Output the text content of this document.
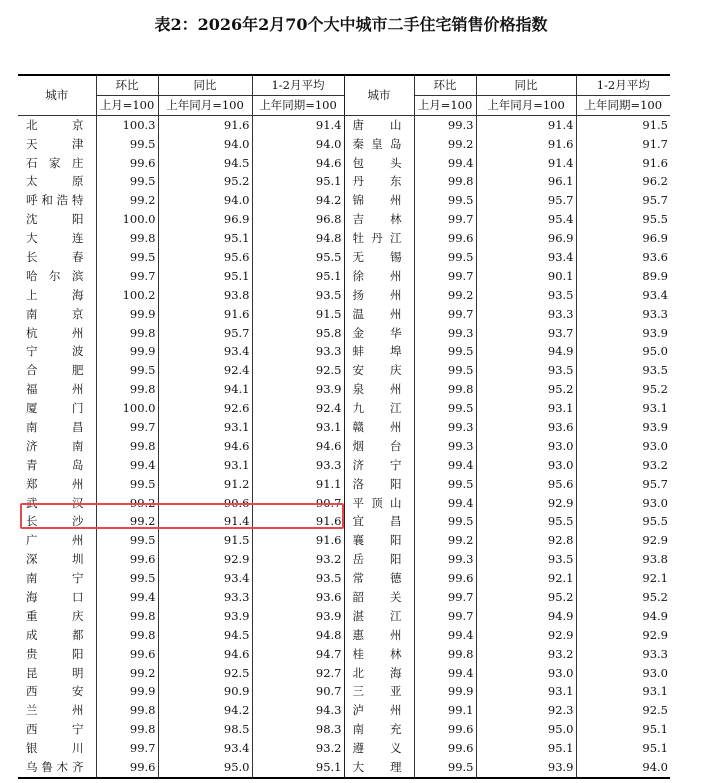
表2：2026年2月70个大中城市二手住宅销售价格指数
城市	环比	同比	1-2月平均	城市	环比	同比	1-2月平均
	上月=100	上年同月=100	上年同期=100		上月=100	上年同月=100	上年同期=100
北京	100.3	91.6	91.4	唐山	99.3	91.4	91.5
天津	99.5	94.0	94.0	秦皇岛	99.2	91.6	91.7
石家庄	99.6	94.5	94.6	包头	99.4	91.4	91.6
太原	99.5	95.2	95.1	丹东	99.8	96.1	96.2
呼和浩特	99.2	94.0	94.2	锦州	99.5	95.7	95.7
沈阳	100.0	96.9	96.8	吉林	99.7	95.4	95.5
大连	99.8	95.1	94.8	牡丹江	99.6	96.9	96.9
长春	99.5	95.6	95.5	无锡	99.5	93.4	93.6
哈尔滨	99.7	95.1	95.1	徐州	99.7	90.1	89.9
上海	100.2	93.8	93.5	扬州	99.2	93.5	93.4
南京	99.9	91.6	91.5	温州	99.7	93.3	93.3
杭州	99.8	95.7	95.8	金华	99.3	93.7	93.9
宁波	99.9	93.4	93.3	蚌埠	99.5	94.9	95.0
合肥	99.5	92.4	92.5	安庆	99.5	93.5	93.5
福州	99.8	94.1	93.9	泉州	99.8	95.2	95.2
厦门	100.0	92.6	92.4	九江	99.5	93.1	93.1
南昌	99.7	93.1	93.1	赣州	99.3	93.6	93.9
济南	99.8	94.6	94.6	烟台	99.3	93.0	93.0
青岛	99.4	93.1	93.3	济宁	99.4	93.0	93.2
郑州	99.5	91.2	91.1	洛阳	99.5	95.6	95.7
武汉	99.2	90.6	90.7	平顶山	99.4	92.9	93.0
长沙	99.2	91.4	91.6	宜昌	99.5	95.5	95.5
广州	99.5	91.5	91.6	襄阳	99.2	92.8	92.9
深圳	99.6	92.9	93.2	岳阳	99.3	93.5	93.8
南宁	99.5	93.4	93.5	常德	99.6	92.1	92.1
海口	99.4	93.3	93.6	韶关	99.7	95.2	95.2
重庆	99.8	93.9	93.9	湛江	99.7	94.9	94.9
成都	99.8	94.5	94.8	惠州	99.4	92.9	92.9
贵阳	99.6	94.6	94.7	桂林	99.8	93.2	93.3
昆明	99.2	92.5	92.7	北海	99.4	93.0	93.0
西安	99.9	90.9	90.7	三亚	99.9	93.1	93.1
兰州	99.8	94.2	94.3	泸州	99.1	92.3	92.5
西宁	99.8	98.5	98.3	南充	99.6	95.0	95.1
银川	99.7	93.4	93.2	遵义	99.6	95.1	95.1
乌鲁木齐	99.6	95.0	95.1	大理	99.5	93.9	94.0
